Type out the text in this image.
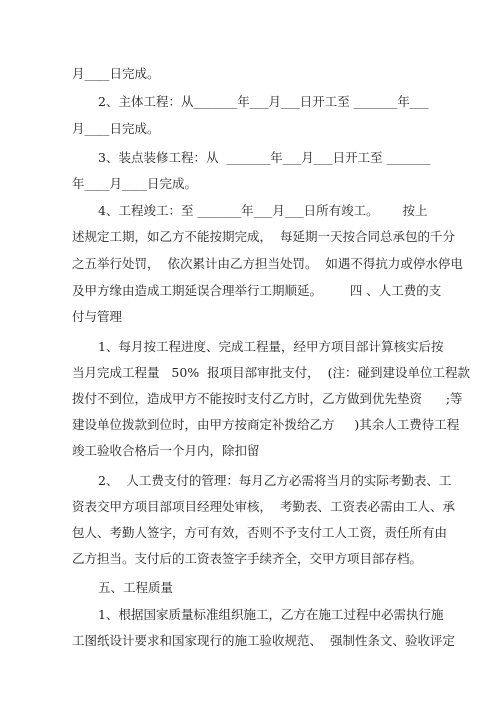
月____日完成。
2、主体工程：从_______年___月___日开工至 _______年___
月____日完成。
3、装点装修工程：从  _______年___月___日开工至 _______
年____月____日完成。
4、工程竣工：至 _______年___月___日所有竣工。      按上
述规定工期，如乙方不能按期完成，  每延期一天按合同总承包的千分
之五举行处罚，  依次累计由乙方担当处罚。  如遇不得抗力或停水停电
及甲方缘由造成工期延误合理举行工期顺延。       四 、人工费的支
付与管理
1、每月按工程进度、完成工程量，经甲方项目部计算核实后按
当月完成工程量   50%  报项目部审批支付，  (注：碰到建设单位工程款
拨付不到位，造成甲方不能按时支付乙方时，乙方做到优先垫资      ;等
建设单位拨款到位时，由甲方按商定补拨给乙方     )其余人工费待工程
竣工验收合格后一个月内，除扣留
2、  人工费支付的管理：每月乙方必需将当月的实际考勤表、工
资表交甲方项目部项目经理处审核，  考勤表、工资表必需由工人、承
包人、考勤人签字，方可有效，否则不予支付工人工资，责任所有由
乙方担当。支付后的工资表签字手续齐全，交甲方项目部存档。
五、工程质量
1、根据国家质量标准组织施工，乙方在施工过程中必需执行施
工图纸设计要求和国家现行的施工验收规范、  强制性条文、验收评定
